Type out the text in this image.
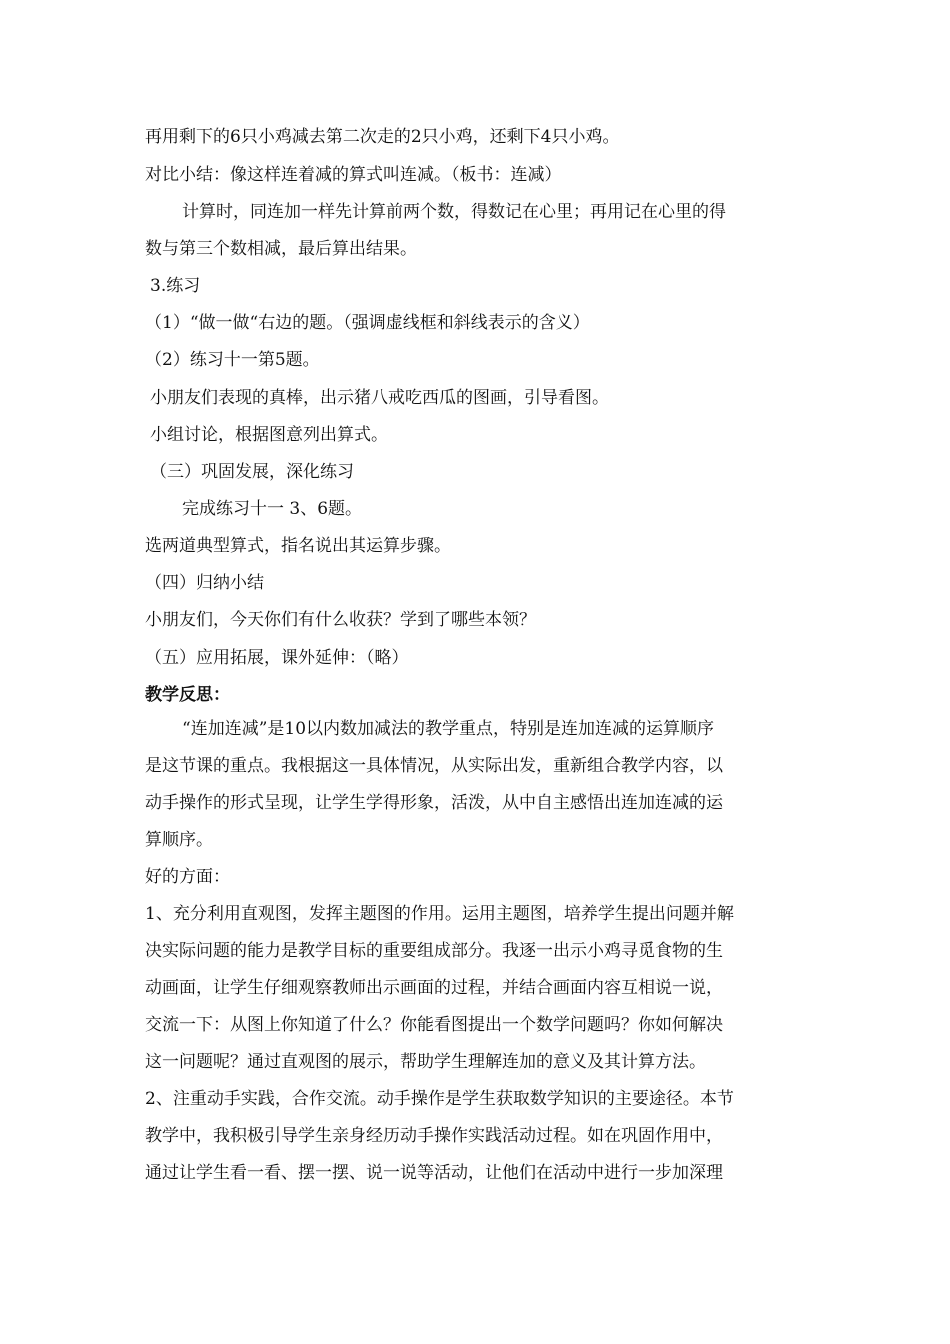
再用剩下的6只小鸡减去第二次走的2只小鸡，还剩下4只小鸡。
对比小结：像这样连着减的算式叫连减。（板书：连减）
计算时，同连加一样先计算前两个数，得数记在心里；再用记在心里的得
数与第三个数相减，最后算出结果。
3.练习
（1）“做一做“右边的题。（强调虚线框和斜线表示的含义）
（2）练习十一第5题。
小朋友们表现的真棒，出示猪八戒吃西瓜的图画，引导看图。
小组讨论，根据图意列出算式。
（三）巩固发展，深化练习
完成练习十一 3、6题。
选两道典型算式，指名说出其运算步骤。
（四）归纳小结
小朋友们，今天你们有什么收获？学到了哪些本领？
（五）应用拓展，课外延伸：（略）
教学反思：
“连加连减”是10以内数加减法的教学重点，特别是连加连减的运算顺序
是这节课的重点。我根据这一具体情况，从实际出发，重新组合教学内容，以
动手操作的形式呈现，让学生学得形象，活泼，从中自主感悟出连加连减的运
算顺序。
好的方面：
1、充分利用直观图，发挥主题图的作用。运用主题图，培养学生提出问题并解
决实际问题的能力是教学目标的重要组成部分。我逐一出示小鸡寻觅食物的生
动画面，让学生仔细观察教师出示画面的过程，并结合画面内容互相说一说，
交流一下：从图上你知道了什么？你能看图提出一个数学问题吗？你如何解决
这一问题呢？通过直观图的展示，帮助学生理解连加的意义及其计算方法。
2、注重动手实践，合作交流。动手操作是学生获取数学知识的主要途径。本节
教学中，我积极引导学生亲身经历动手操作实践活动过程。如在巩固作用中，
通过让学生看一看、摆一摆、说一说等活动，让他们在活动中进行一步加深理
